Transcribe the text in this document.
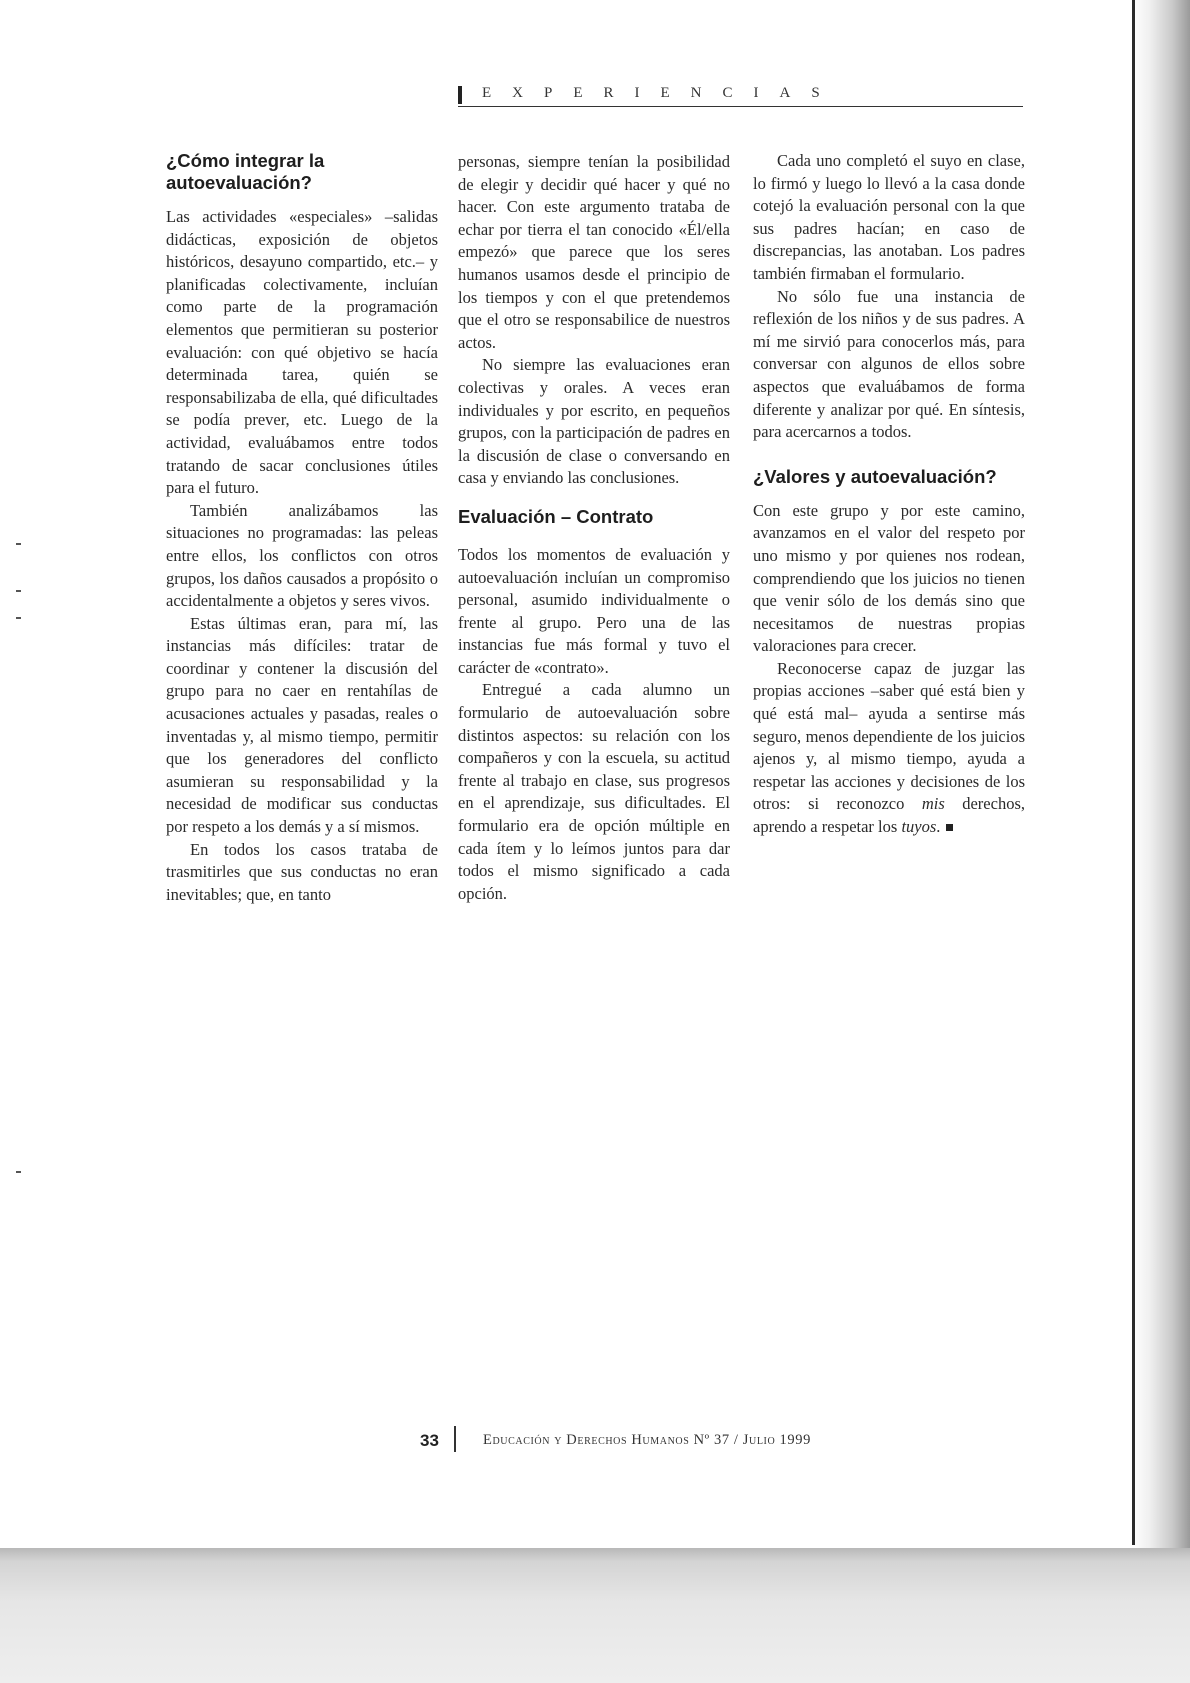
EXPERIENCIAS
¿Cómo integrar la autoevaluación?

Las actividades «especiales» –salidas didácticas, exposición de objetos históricos, desayuno compartido, etc.– y planificadas colectivamente, incluían como parte de la programación elementos que permitieran su posterior evaluación: con qué objetivo se hacía determinada tarea, quién se responsabilizaba de ella, qué dificultades se podía prever, etc. Luego de la actividad, evaluábamos entre todos tratando de sacar conclusiones útiles para el futuro.

También analizábamos las situaciones no programadas: las peleas entre ellos, los conflictos con otros grupos, los daños causados a propósito o accidentalmente a objetos y seres vivos.

Estas últimas eran, para mí, las instancias más difíciles: tratar de coordinar y contener la discusión del grupo para no caer en rentahílas de acusaciones actuales y pasadas, reales o inventadas y, al mismo tiempo, permitir que los generadores del conflicto asumieran su responsabilidad y la necesidad de modificar sus conductas por respeto a los demás y a sí mismos.

En todos los casos trataba de trasmitirles que sus conductas no eran inevitables; que, en tanto

personas, siempre tenían la posibilidad de elegir y decidir qué hacer y qué no hacer. Con este argumento trataba de echar por tierra el tan conocido «Él/ella empezó» que parece que los seres humanos usamos desde el principio de los tiempos y con el que pretendemos que el otro se responsabilice de nuestros actos.

No siempre las evaluaciones eran colectivas y orales. A veces eran individuales y por escrito, en pequeños grupos, con la participación de padres en la discusión de clase o conversando en casa y enviando las conclusiones.

Evaluación – Contrato

Todos los momentos de evaluación y autoevaluación incluían un compromiso personal, asumido individualmente o frente al grupo. Pero una de las instancias fue más formal y tuvo el carácter de «contrato».

Entregué a cada alumno un formulario de autoevaluación sobre distintos aspectos: su relación con los compañeros y con la escuela, su actitud frente al trabajo en clase, sus progresos en el aprendizaje, sus dificultades. El formulario era de opción múltiple en cada ítem y lo leímos juntos para dar todos el mismo significado a cada opción.

Cada uno completó el suyo en clase, lo firmó y luego lo llevó a la casa donde cotejó la evaluación personal con la que sus padres hacían; en caso de discrepancias, las anotaban. Los padres también firmaban el formulario.

No sólo fue una instancia de reflexión de los niños y de sus padres. A mí me sirvió para conocerlos más, para conversar con algunos de ellos sobre aspectos que evaluábamos de forma diferente y analizar por qué. En síntesis, para acercarnos a todos.

¿Valores y autoevaluación?

Con este grupo y por este camino, avanzamos en el valor del respeto por uno mismo y por quienes nos rodean, comprendiendo que los juicios no tienen que venir sólo de los demás sino que necesitamos de nuestras propias valoraciones para crecer.

Reconocerse capaz de juzgar las propias acciones –saber qué está bien y qué está mal– ayuda a sentirse más seguro, menos dependiente de los juicios ajenos y, al mismo tiempo, ayuda a respetar las acciones y decisiones de los otros: si reconozco mis derechos, aprendo a respetar los tuyos.

33	Educación y Derechos Humanos Nº 37 / Julio 1999
